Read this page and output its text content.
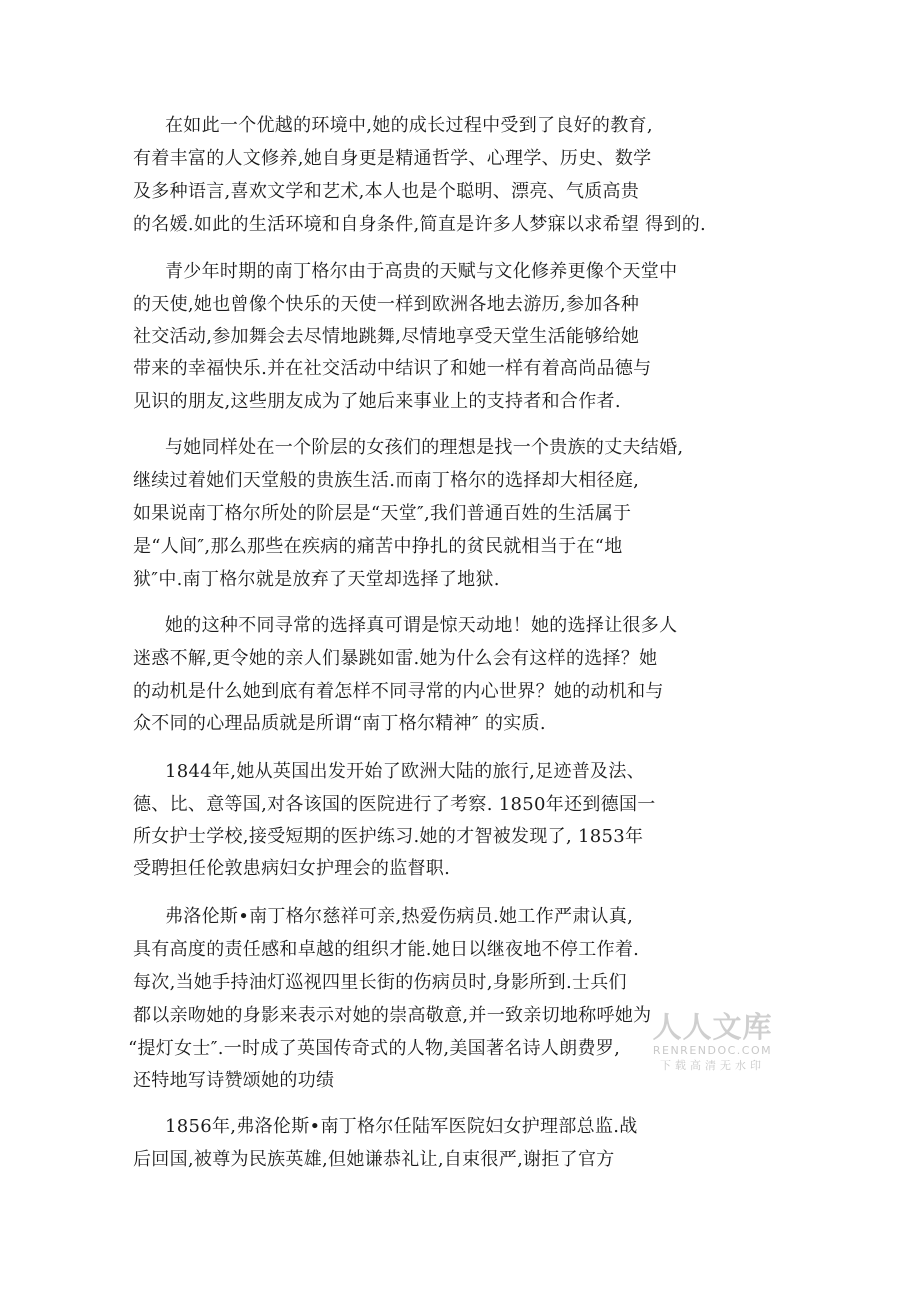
在如此一个优越的环境中,她的成长过程中受到了良好的教育,
有着丰富的人文修养,她自身更是精通哲学、心理学、历史、数学
及多种语言,喜欢文学和艺术,本人也是个聪明、漂亮、气质高贵
的名媛.如此的生活环境和自身条件,简直是许多人梦寐以求希望 得到的.
青少年时期的南丁格尔由于高贵的天赋与文化修养更像个天堂中
的天使,她也曾像个快乐的天使一样到欧洲各地去游历,参加各种
社交活动,参加舞会去尽情地跳舞,尽情地享受天堂生活能够给她
带来的幸福快乐.并在社交活动中结识了和她一样有着高尚品德与
见识的朋友,这些朋友成为了她后来事业上的支持者和合作者.
与她同样处在一个阶层的女孩们的理想是找一个贵族的丈夫结婚,
继续过着她们天堂般的贵族生活.而南丁格尔的选择却大相径庭,
如果说南丁格尔所处的阶层是“天堂″,我们普通百姓的生活属于
是“人间″,那么那些在疾病的痛苦中挣扎的贫民就相当于在“地
狱″中.南丁格尔就是放弃了天堂却选择了地狱.
她的这种不同寻常的选择真可谓是惊天动地！她的选择让很多人
迷惑不解,更令她的亲人们暴跳如雷.她为什么会有这样的选择？她
的动机是什么她到底有着怎样不同寻常的内心世界？她的动机和与
众不同的心理品质就是所谓“南丁格尔精神″ 的实质.
1844年,她从英国出发开始了欧洲大陆的旅行,足迹普及法、
德、比、意等国,对各该国的医院进行了考察. 1850年还到德国一
所女护士学校,接受短期的医护练习.她的才智被发现了, 1853年
受聘担任伦敦患病妇女护理会的监督职.
弗洛伦斯•南丁格尔慈祥可亲,热爱伤病员.她工作严肃认真,
具有高度的责任感和卓越的组织才能.她日以继夜地不停工作着.
每次,当她手持油灯巡视四里长街的伤病员时,身影所到.士兵们
都以亲吻她的身影来表示对她的崇高敬意,并一致亲切地称呼她为
“提灯女士″.一时成了英国传奇式的人物,美国著名诗人朗费罗,
还特地写诗赞颂她的功绩
1856年,弗洛伦斯•南丁格尔任陆军医院妇女护理部总监.战
后回国,被尊为民族英雄,但她谦恭礼让,自束很严,谢拒了官方
人人文库
RENRENDOC.COM
下载高清无水印
